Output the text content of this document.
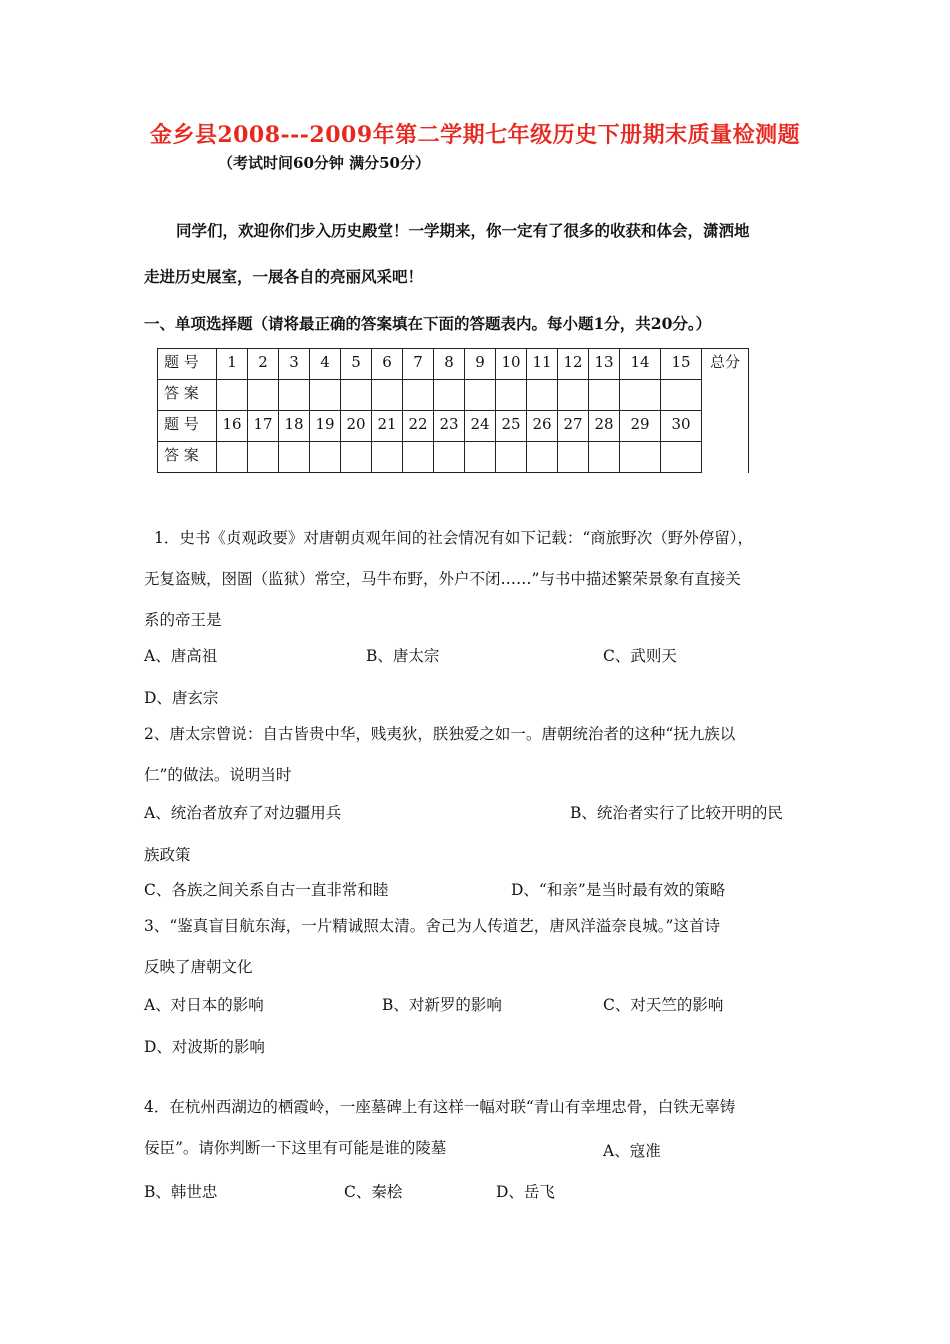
金乡县2008---2009年第二学期七年级历史下册期末质量检测题
（考试时间60分钟 满分50分）

同学们，欢迎你们步入历史殿堂！一学期来，你一定有了很多的收获和体会，潇洒地

走进历史展室，一展各自的亮丽风采吧！

一、单项选择题（请将最正确的答案填在下面的答题表内。每小题1分，共20分。）
题 号	1	2	3	4	5	6	7	8	9	10	11	12	13	14	15	总分
答 案																
题 号	16	17	18	19	20	21	22	23	24	25	26	27	28	29	30	
答 案																

1．史书《贞观政要》对唐朝贞观年间的社会情况有如下记载：“商旅野次（野外停留），

无复盗贼，囹圄（监狱）常空，马牛布野，外户不闭……”与书中描述繁荣景象有直接关

系的帝王是

A、唐高祖	B、唐太宗	C、武则天
D、唐玄宗

2、唐太宗曾说：自古皆贵中华，贱夷狄，朕独爱之如一。唐朝统治者的这种“抚九族以

仁”的做法。说明当时

A、统治者放弃了对边疆用兵	B、统治者实行了比较开明的民
族政策
C、各族之间关系自古一直非常和睦	D、“和亲”是当时最有效的策略

3、“鉴真盲目航东海，一片精诚照太清。舍己为人传道艺，唐风洋溢奈良城。”这首诗

反映了唐朝文化

A、对日本的影响	B、对新罗的影响	C、对天竺的影响
D、对波斯的影响

4．在杭州西湖边的栖霞岭，一座墓碑上有这样一幅对联“青山有幸埋忠骨，白铁无辜铸

佞臣”。请你判断一下这里有可能是谁的陵墓	A、寇准
B、韩世忠	C、秦桧	D、岳飞
